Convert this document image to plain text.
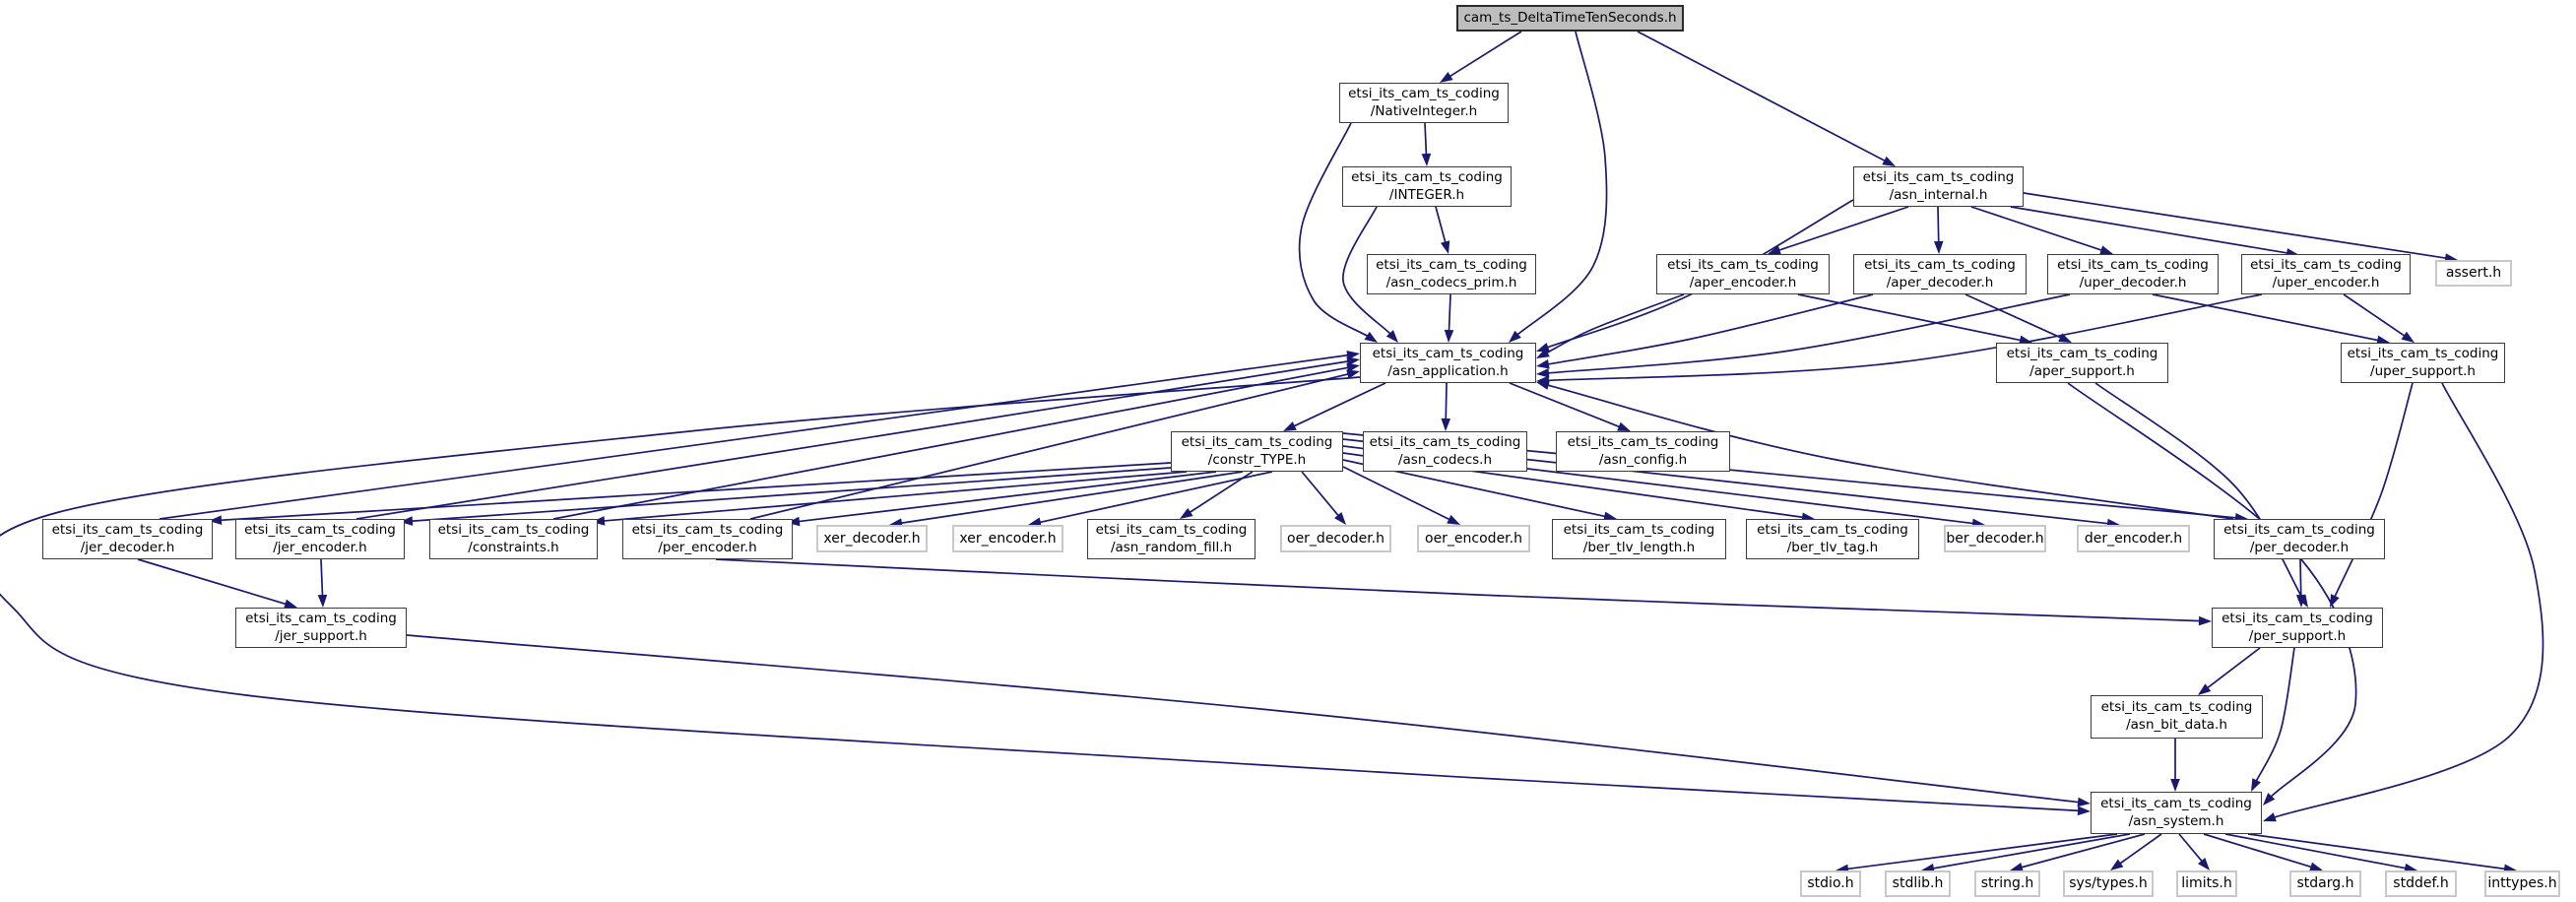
cam_ts_DeltaTimeTenSeconds.h
etsi_its_cam_ts_coding
/NativeInteger.h
etsi_its_cam_ts_coding
/INTEGER.h
etsi_its_cam_ts_coding
/asn_codecs_prim.h
etsi_its_cam_ts_coding
/asn_internal.h
etsi_its_cam_ts_coding
/aper_encoder.h
etsi_its_cam_ts_coding
/aper_decoder.h
etsi_its_cam_ts_coding
/uper_decoder.h
etsi_its_cam_ts_coding
/uper_encoder.h
assert.h
etsi_its_cam_ts_coding
/asn_application.h
etsi_its_cam_ts_coding
/aper_support.h
etsi_its_cam_ts_coding
/uper_support.h
etsi_its_cam_ts_coding
/constr_TYPE.h
etsi_its_cam_ts_coding
/asn_codecs.h
etsi_its_cam_ts_coding
/asn_config.h
etsi_its_cam_ts_coding
/jer_decoder.h
etsi_its_cam_ts_coding
/jer_encoder.h
etsi_its_cam_ts_coding
/constraints.h
etsi_its_cam_ts_coding
/per_encoder.h
xer_decoder.h	xer_encoder.h
etsi_its_cam_ts_coding
/asn_random_fill.h
oer_decoder.h	oer_encoder.h
etsi_its_cam_ts_coding
/ber_tlv_length.h
etsi_its_cam_ts_coding
/ber_tlv_tag.h
ber_decoder.h	der_encoder.h
etsi_its_cam_ts_coding
/per_decoder.h
etsi_its_cam_ts_coding
/jer_support.h
etsi_its_cam_ts_coding
/per_support.h
etsi_its_cam_ts_coding
/asn_bit_data.h
etsi_its_cam_ts_coding
/asn_system.h
stdio.h	stdlib.h	string.h	sys/types.h limits.h	stdarg.h	stddef.h	inttypes.h
